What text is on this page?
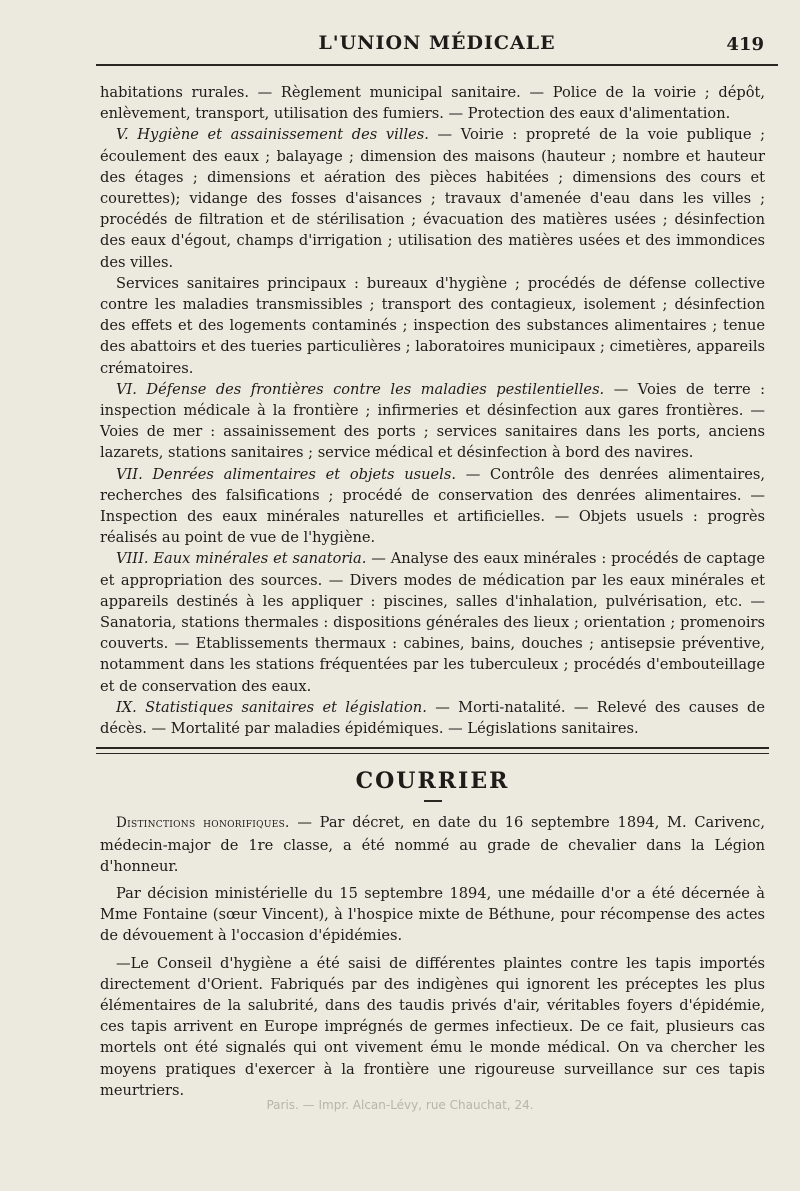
L'UNION MÉDICALE	419

habitations rurales. — Règlement municipal sanitaire. — Police de la voirie ; dépôt, enlèvement, transport, utilisation des fumiers. — Protection des eaux d'alimentation.

V. Hygiène et assainissement des villes. — Voirie : propreté de la voie publique ; écoulement des eaux ; balayage ; dimension des maisons (hauteur ; nombre et hauteur des étages ; dimensions et aération des pièces habitées ; dimensions des cours et courettes); vidange des fosses d'aisances ; travaux d'amenée d'eau dans les villes ; procédés de filtration et de stérilisation ; évacuation des matières usées ; désinfection des eaux d'égout, champs d'irrigation ; utilisation des matières usées et des immondices des villes.

Services sanitaires principaux : bureaux d'hygiène ; procédés de défense collective contre les maladies transmissibles ; transport des contagieux, isolement ; désinfection des effets et des logements contaminés ; inspection des substances alimentaires ; tenue des abattoirs et des tueries particulières ; laboratoires municipaux ; cimetières, appareils crématoires.

VI. Défense des frontières contre les maladies pestilentielles. — Voies de terre : inspection médicale à la frontière ; infirmeries et désinfection aux gares frontières. — Voies de mer : assainissement des ports ; services sanitaires dans les ports, anciens lazarets, stations sanitaires ; service médical et désinfection à bord des navires.

VII. Denrées alimentaires et objets usuels. — Contrôle des denrées alimentaires, recherches des falsifications ; procédé de conservation des denrées alimentaires. — Inspection des eaux minérales naturelles et artificielles. — Objets usuels : progrès réalisés au point de vue de l'hygiène.

VIII. Eaux minérales et sanatoria. — Analyse des eaux minérales : procédés de captage et appropriation des sources. — Divers modes de médication par les eaux minérales et appareils destinés à les appliquer : piscines, salles d'inhalation, pulvérisation, etc. — Sanatoria, stations thermales : dispositions générales des lieux ; orientation ; promenoirs couverts. — Etablissements thermaux : cabines, bains, douches ; antisepsie préventive, notamment dans les stations fréquentées par les tuberculeux ; procédés d'embouteillage et de conservation des eaux.

IX. Statistiques sanitaires et législation. — Morti-natalité. — Relevé des causes de décès. — Mortalité par maladies épidémiques. — Législations sanitaires.

COURRIER

Distinctions honorifiques. — Par décret, en date du 16 septembre 1894, M. Carivenc, médecin-major de 1re classe, a été nommé au grade de chevalier dans la Légion d'honneur.

Par décision ministérielle du 15 septembre 1894, une médaille d'or a été décernée à Mme Fontaine (sœur Vincent), à l'hospice mixte de Béthune, pour récompense des actes de dévouement à l'occasion d'épidémies.

—Le Conseil d'hygiène a été saisi de différentes plaintes contre les tapis importés directement d'Orient. Fabriqués par des indigènes qui ignorent les préceptes les plus élémentaires de la salubrité, dans des taudis privés d'air, véritables foyers d'épidémie, ces tapis arrivent en Europe imprégnés de germes infectieux. De ce fait, plusieurs cas mortels ont été signalés qui ont vivement ému le monde médical. On va chercher les moyens pratiques d'exercer à la frontière une rigoureuse surveillance sur ces tapis meurtriers.

Paris. — Impr. Alcan-Lévy, rue Chauchat, 24.
